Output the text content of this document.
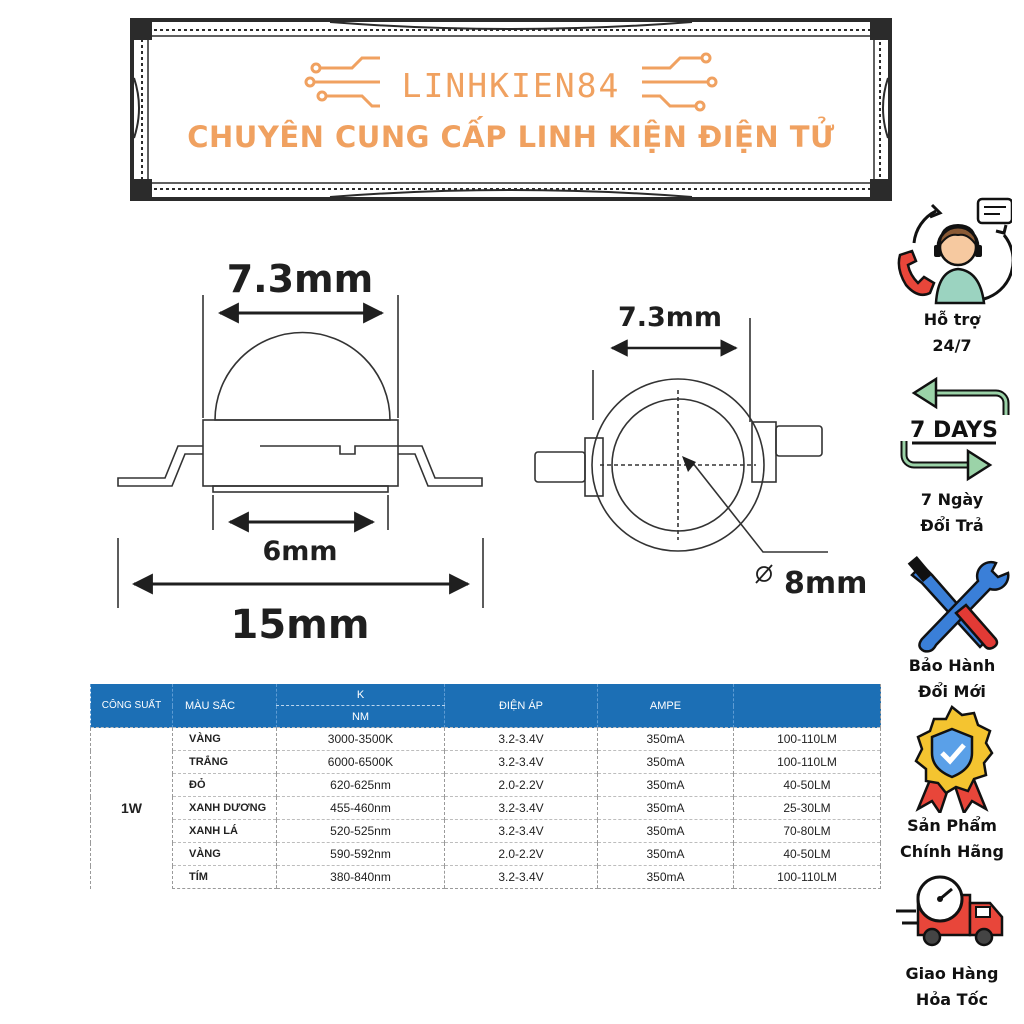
LINHKIEN84
CHUYÊN CUNG CẤP LINH KIỆN ĐIỆN TỬ
7.3mm
6mm
15mm
7.3mm
8mm
CÔNG SUẤT	MÀU SẮC	K	ĐIỆN ÁP	AMPE	
		NM			
1W	VÀNG	3000-3500K	3.2-3.4V	350mA	100-110LM
	TRẮNG	6000-6500K	3.2-3.4V	350mA	100-110LM
	ĐỎ	620-625nm	2.0-2.2V	350mA	40-50LM
	XANH DƯƠNG	455-460nm	3.2-3.4V	350mA	25-30LM
	XANH LÁ	520-525nm	3.2-3.4V	350mA	70-80LM
	VÀNG	590-592nm	2.0-2.2V	350mA	40-50LM
	TÍM	380-840nm	3.2-3.4V	350mA	100-110LM
Hỗ trợ
24/7
7 DAYS
7 Ngày
Đổi Trả
Bảo Hành
Đổi Mới
Sản Phẩm
Chính Hãng
Giao Hàng
Hỏa Tốc
